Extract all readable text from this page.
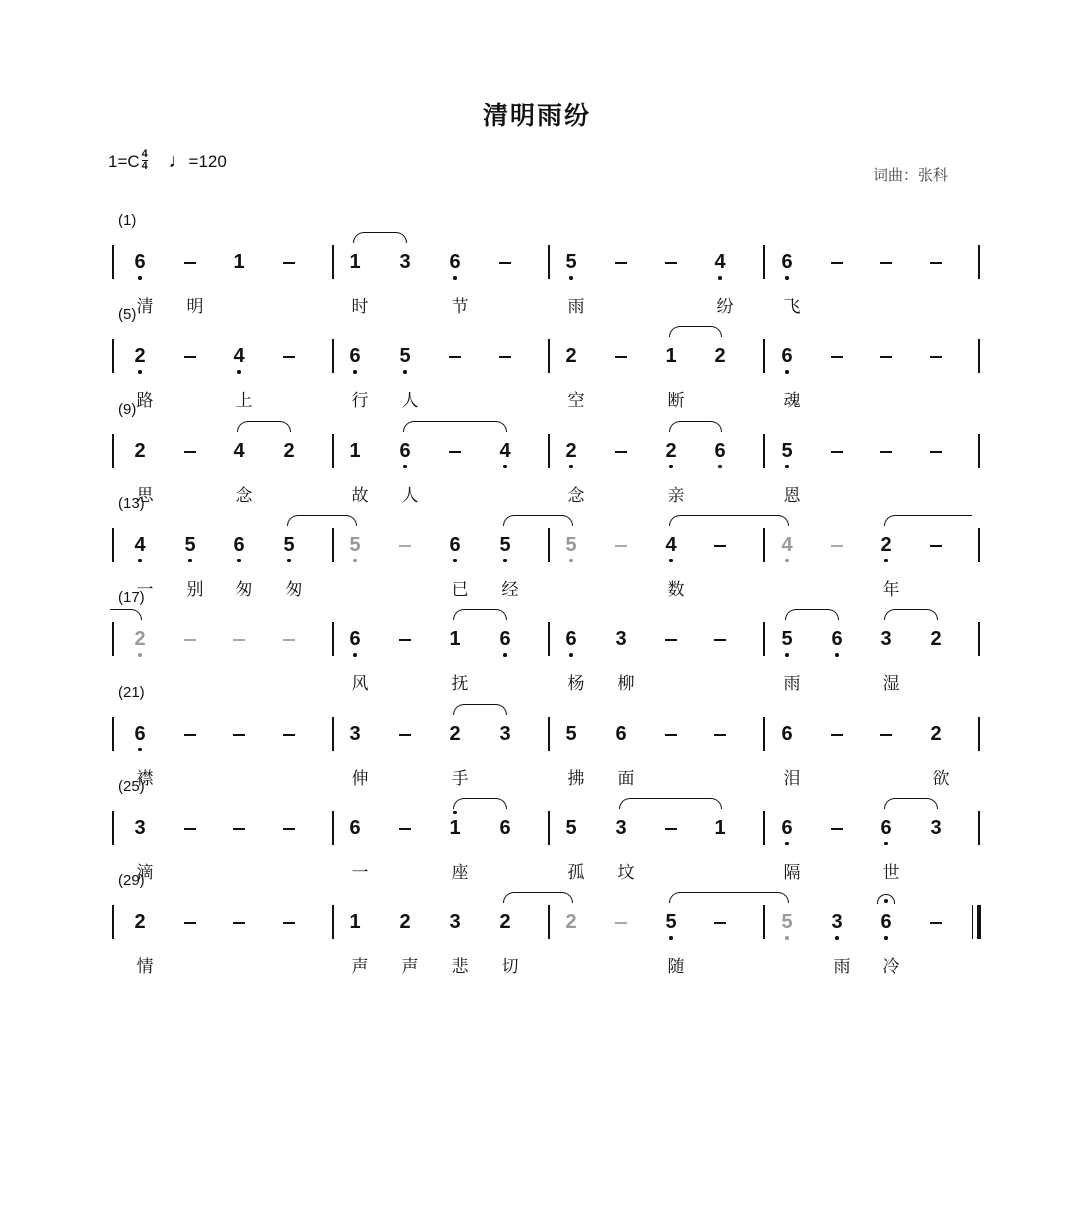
清明雨纷
$1=C \frac{4}{4}$ ♩=120
词曲：张科
(1)
6	1	1 3 6	5	4	6
清 明	时	节	雨	纷	飞
(5)
2	4	6 5	2	1 2	6
路	上	行 人	空	断	魂
(9)
2	4 2	1 6	4	2	2 6	5
思	念	故 人	念	亲	恩
(13)
4 5 6 5	5	6 5	5	4	4	2
一 别 匆 匆	已 经	数	年
(17)
2	6	1 6	6 3	5 6 3 2
风	抚	杨 柳	雨	湿
(21)
6	3	2 3	5 6	6	2
襟	伸	手	拂 面	泪	欲
(25)
3	6	1 6	5 3	1	6	6 3
滴	一	座	孤 坟	隔	世
(29)
2	1 2 3 2	2	5	5 3 6
情	声 声 悲 切	随	雨 冷
